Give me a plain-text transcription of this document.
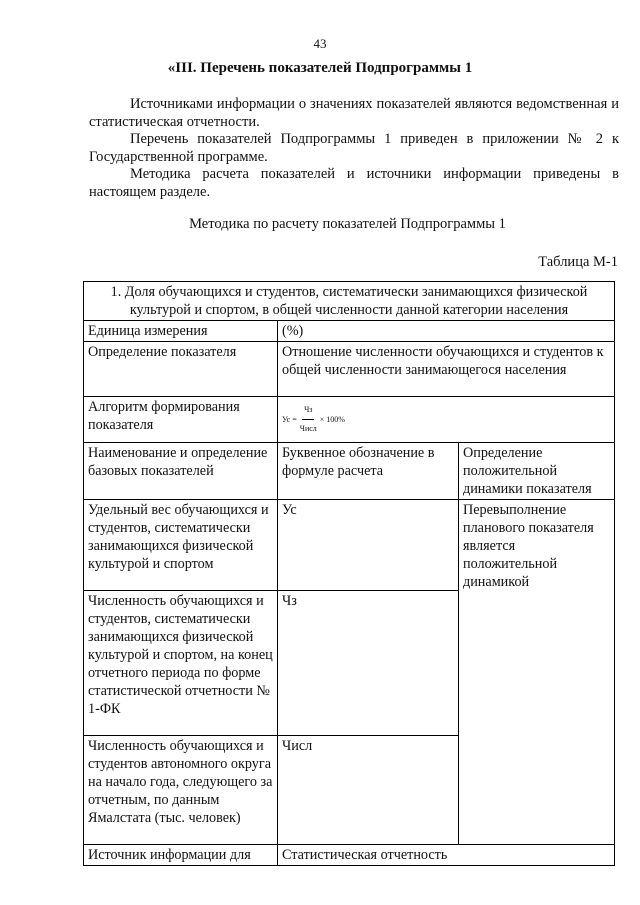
43
«III. Перечень показателей Подпрограммы 1
Источниками информации о значениях показателей являются ведомственная и статистическая отчетности.
Перечень показателей Подпрограммы 1 приведен в приложении № 2 к Государственной программе.
Методика расчета показателей и источники информации приведены в настоящем разделе.
Методика по расчету показателей Подпрограммы 1
Таблица М-1
1. Доля обучающихся и студентов, систематически занимающихся физической культурой и спортом, в общей численности данной категории населения		
Единица измерения	(%)	
Определение показателя	Отношение численности обучающихся и студентов к общей численности занимающегося населения	
Алгоритм формирования показателя	Ус = $\frac{Чз}{\text{Числ}} \times 100\%$	

Наименование и определение базовых показателей	Буквенное обозначение в формуле расчета	Определение положительной динамики показателя
Удельный вес обучающихся и студентов, систематически занимающихся физической культурой и спортом	Ус	Перевыполнение планового показателя является положительной динамикой
Численность обучающихся и студентов, систематически занимающихся физической культурой и спортом, на конец отчетного периода по форме статистической отчетности № 1-ФК	Чз	
Численность обучающихся и студентов автономного округа на начало года, следующего за отчетным, по данным Ямалстата (тыс. человек)	Числ	
Источник информации для	Статистическая отчетность	
